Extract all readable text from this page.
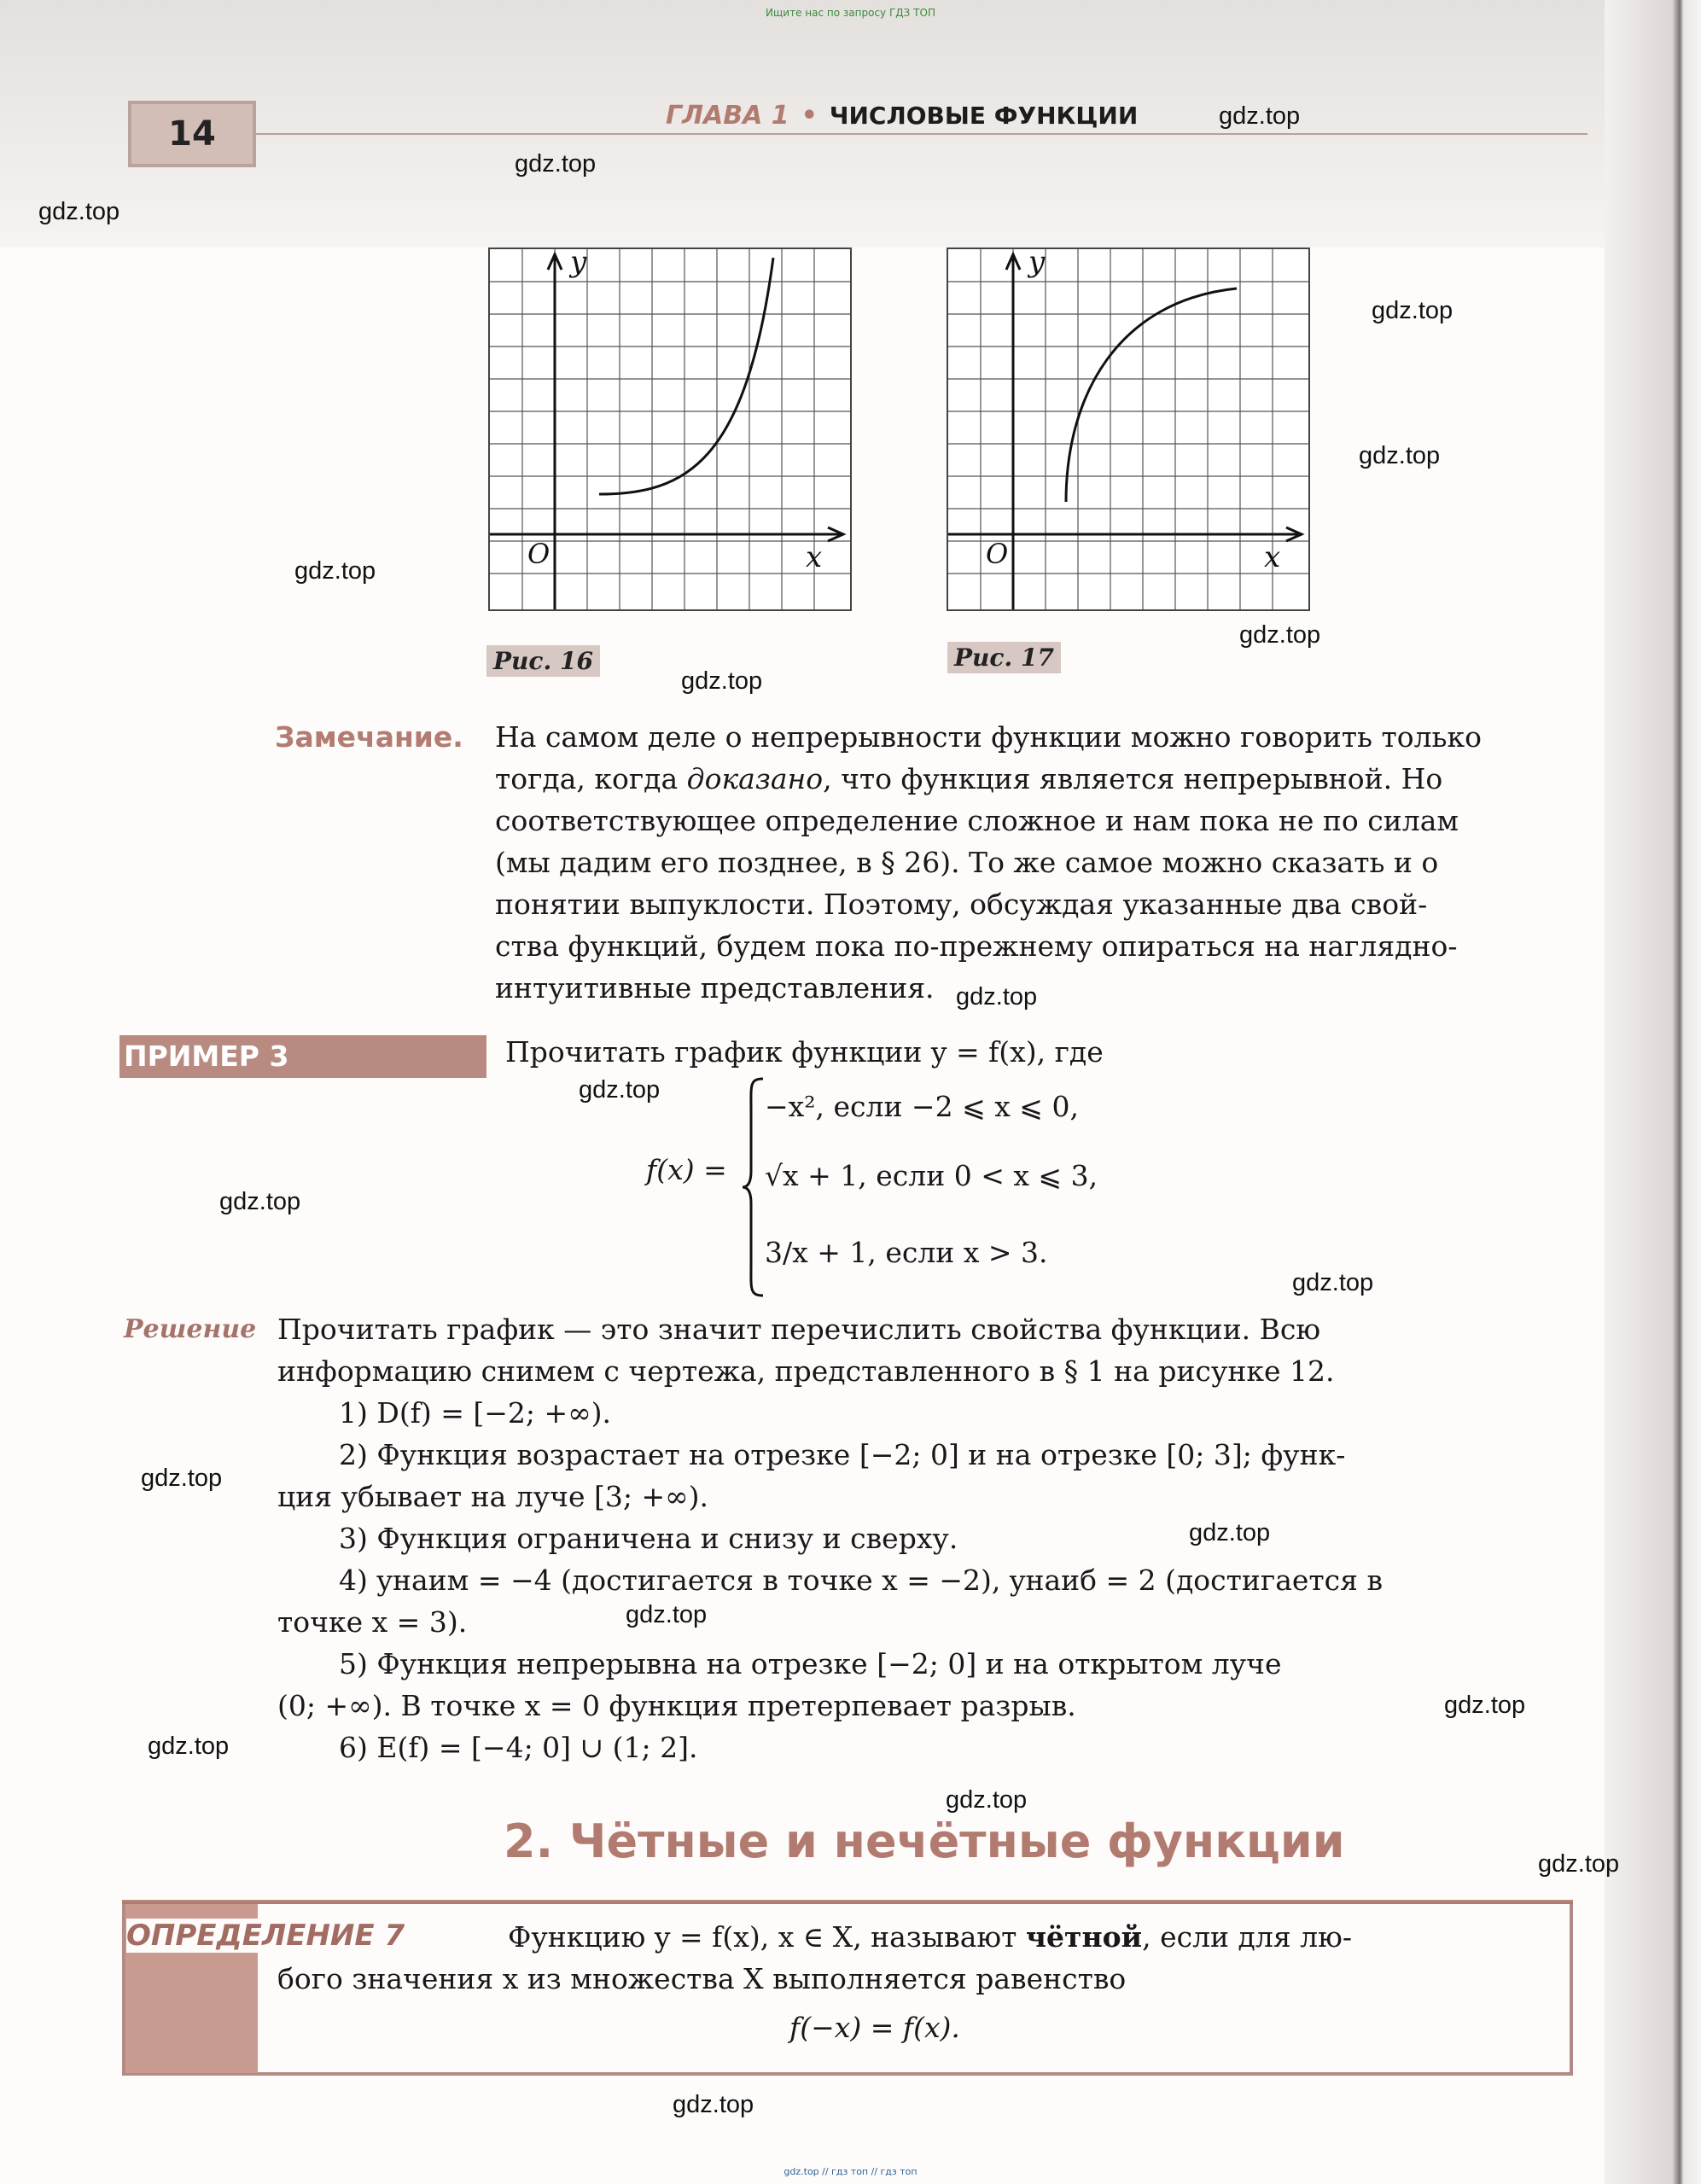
Ищите нас по запросу ГДЗ ТОП
14	ГЛАВА 1 • ЧИСЛОВЫЕ ФУНКЦИИ	gdz.top
gdz.top
gdz.top
gdz.top
gdz.top
gdz.top
gdz.top
gdz.top
gdz.top
gdz.top
gdz.top
gdz.top
gdz.top
gdz.top
gdz.top
gdz.top
gdz.top
gdz.top
gdz.top
gdz.top
y
x
O
Рис. 16
y
x
O
Рис. 17
Замечание. На самом деле о непрерывности функции можно говорить только
тогда, когда доказано, что функция является непрерывной. Но
соответствующее определение сложное и нам пока не по силам
(мы дадим его позднее, в § 26). То же самое можно сказать и о
понятии выпуклости. Поэтому, обсуждая указанные два свой-
ства функций, будем пока по-прежнему опираться на наглядно-
интуитивные представления.
ПРИМЕР 3	Прочитать график функции y = f(x), где
f(x) =
−x², если −2 ⩽ x ⩽ 0,
√x + 1, если 0 < x ⩽ 3,
3/x + 1, если x > 3.
Решение Прочитать график — это значит перечислить свойства функции. Всю
информацию снимем с чертежа, представленного в § 1 на рисунке 12.
1) D(f) = [−2; +∞).
2) Функция возрастает на отрезке [−2; 0] и на отрезке [0; 3]; функ-
ция убывает на луче [3; +∞).
3) Функция ограничена и снизу и сверху.
4) yнаим = −4 (достигается в точке x = −2), yнаиб = 2 (достигается в
точке x = 3).
5) Функция непрерывна на отрезке [−2; 0] и на открытом луче
(0; +∞). В точке x = 0 функция претерпевает разрыв.
6) E(f) = [−4; 0] ∪ (1; 2].
2. Чётные и нечётные функции
ОПРЕДЕЛЕНИЕ 7	Функцию y = f(x), x ∈ X, называют чётной, если для лю-
бого значения x из множества X выполняется равенство
f(−x) = f(x).
gdz.top // гдз топ // гдз топ
